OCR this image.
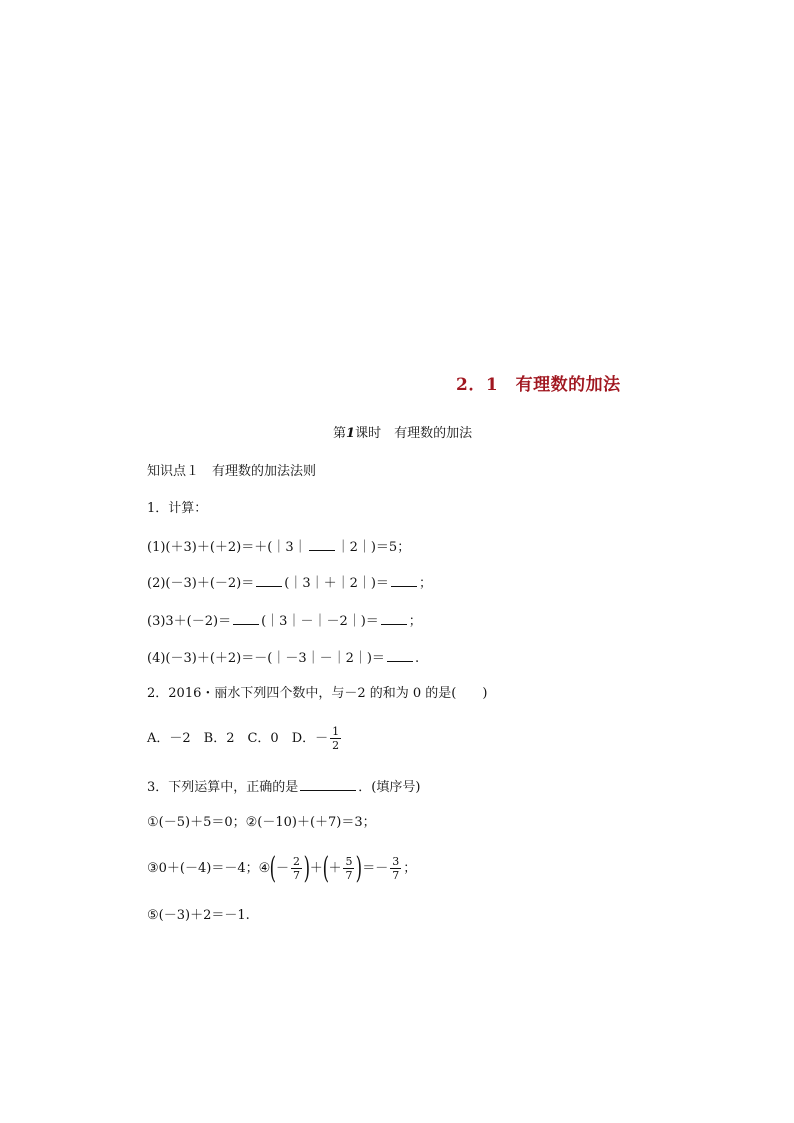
2．1　有理数的加法
第1课时　有理数的加法
知识点１　有理数的加法法则
1．计算：
(1)(＋3)＋(＋2)＝＋(｜3｜ ｜2｜)＝5；
(2)(－3)＋(－2)＝ (｜3｜＋｜2｜)＝ ；
(3)3＋(－2)＝ (｜3｜－｜－2｜)＝ ；
(4)(－3)＋(＋2)＝－(｜－3｜－｜2｜)＝ .
2．2016・丽水下列四个数中，与－2 的和为 0 的是(　　)
A．－2　B．2　C．0　D．－ $\frac{1}{2}$
3．下列运算中，正确的是	．(填序号)
①(－5)＋5＝0；②(－10)＋(＋7)＝3；
③0＋(－4)＝－4；④(－ $\frac{2}{7}$ )＋(＋ $\frac{5}{7}$ )＝－ $\frac{3}{7}$ ；
⑤(－3)＋2＝－1.
